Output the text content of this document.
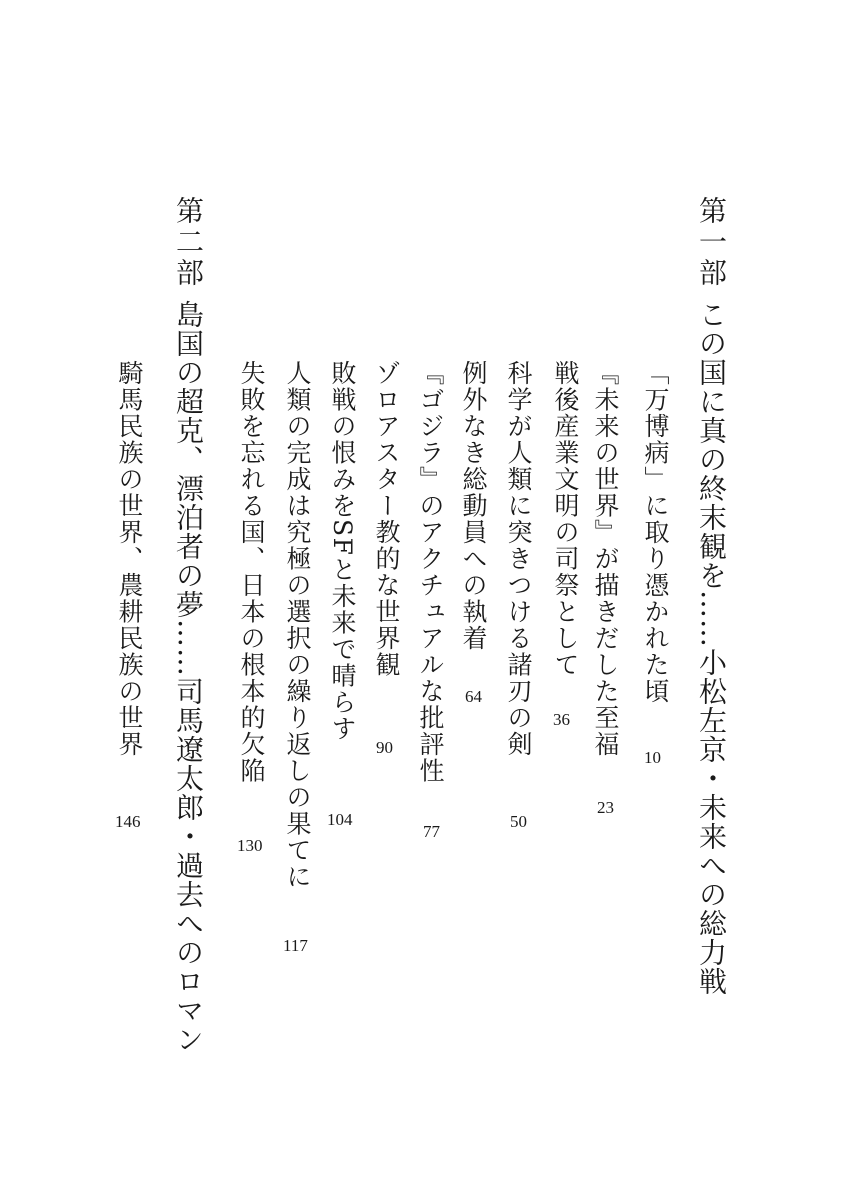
第一部
この国に真の終末観を……小松左京・未来への総力戦
「万博病」に取り憑かれた頃
10
『未来の世界』が描きだした至福
23
戦後産業文明の司祭として
36
科学が人類に突きつける諸刃の剣
50
例外なき総動員への執着
64
『ゴジラ』のアクチュアルな批評性
77
ゾロアスター教的な世界観
90
敗戦の恨みをSFと未来で晴らす
104
人類の完成は究極の選択の繰り返しの果てに
117
失敗を忘れる国、日本の根本的欠陥
130
第二部
島国の超克、漂泊者の夢……司馬遼太郎・過去へのロマン
騎馬民族の世界、農耕民族の世界
146
